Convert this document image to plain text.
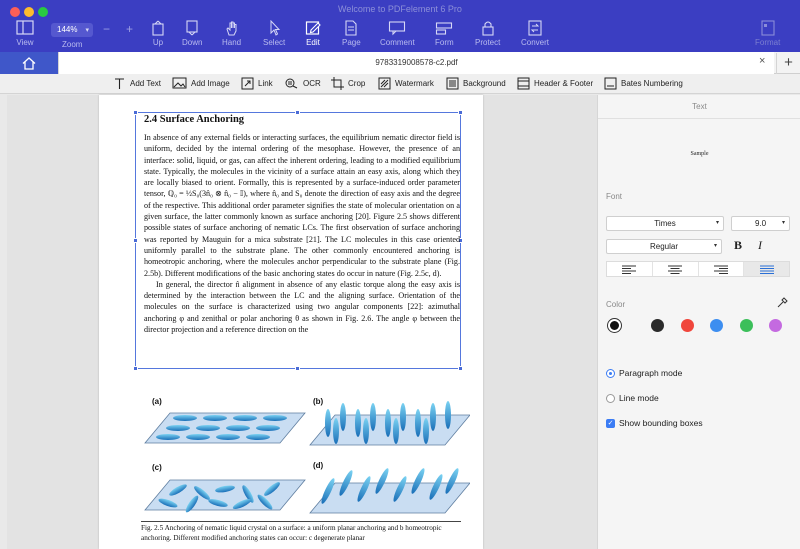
Welcome to PDFelement 6 Pro
View
144% ▾
Zoom
− +
Up	Down Hand	Select	Edit	Page Comment	Form	Protect	Convert	Format
9783319008578-c2.pdf	×	+
Add Text	Add Image	Link	OCR	Crop	Watermark	Background	Header & Footer	Bates Numbering
2.4 Surface Anchoring
In absence of any external fields or interacting surfaces, the equilibrium nematic director field is uniform, decided by the internal ordering of the mesophase. However, the presence of an interface: solid, liquid, or gas, can affect the inherent ordering, leading to a modified equilibrium state. Typically, the molecules in the vicinity of a surface attain an easy axis, along which they are locally biased to orient. Formally, this is represented by a surface-induced order parameter tensor, ℚ₀ = ½S₀(3n̂₀ ⊗ n̂₀ − 𝕀), where n̂₀ and S₀ denote the direction of easy axis and the degree of the respective. This additional order parameter signifies the state of molecular orientation on a given surface, the latter commonly known as surface anchoring [20]. Figure 2.5 shows different possible states of surface anchoring of nematic LCs. The first observation of surface anchoring was reported by Mauguin for a mica substrate [21]. The LC molecules in this case oriented uniformly parallel to the substrate plane. The other commonly encountered anchoring is homeotropic anchoring, where the molecules anchor perpendicular to the substrate plane (Fig. 2.5b). Different modifications of the basic anchoring states do occur in nature (Fig. 2.5c, d).
In general, the director n̂ alignment in absence of any elastic torque along the easy axis is determined by the interaction between the LC and the aligning surface. Orientation of the molecules on the surface is characterized using two angular components [22]: azimuthal anchoring φ and zenithal or polar anchoring θ as shown in Fig. 2.6. The angle φ between the director projection and a reference direction on the
(a)	(b)
(c)	(d)
Fig. 2.5 Anchoring of nematic liquid crystal on a surface: a uniform planar anchoring and b homeotropic anchoring. Different modified anchoring states can occur: c degenerate planar
Text
Sample
Font
Times	▾	9.0	▾
Regular	▾ B I
Color
Paragraph mode
Line mode
✓ Show bounding boxes
